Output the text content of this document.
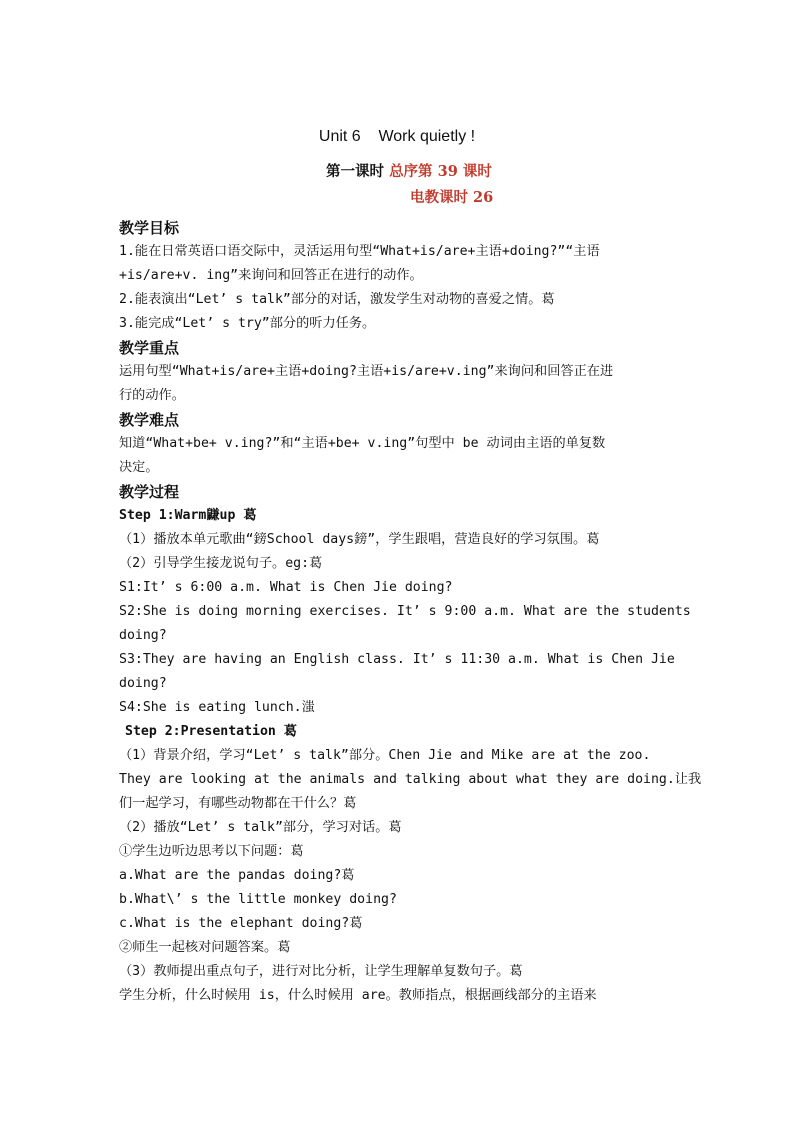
Unit 6    Work quietly !
第一课时 总序第 39 课时
电教课时 26
教学目标
1.能在日常英语口语交际中，灵活运用句型“What+is/are+主语+doing?”“主语
+is/are+v. ing”来询问和回答正在进行的动作。
2.能表演出“Let’ s talk”部分的对话，激发学生对动物的喜爱之情。葛
3.能完成“Let’ s try”部分的听力任务。
教学重点
运用句型“What+is/are+主语+doing?主语+is/are+v.ing”来询问和回答正在进
行的动作。
教学难点
知道“What+be+ v.ing?”和“主语+be+ v.ing”句型中 be 动词由主语的单复数
决定。
教学过程
Step 1:Warm鼸up 葛
（1）播放本单元歌曲“鎊School days鎊”，学生跟唱，营造良好的学习氛围。葛
（2）引导学生接龙说句子。eg:葛
S1:It’ s 6:00 a.m. What is Chen Jie doing?
S2:She is doing morning exercises. It’ s 9:00 a.m. What are the students
doing?
S3:They are having an English class. It’ s 11:30 a.m. What is Chen Jie
doing?
S4:She is eating lunch.滍
Step 2:Presentation 葛
（1）背景介绍，学习“Let’ s talk”部分。Chen Jie and Mike are at the zoo.
They are looking at the animals and talking about what they are doing.让我
们一起学习，有哪些动物都在干什么？葛
（2）播放“Let’ s talk”部分，学习对话。葛
①学生边听边思考以下问题：葛
a.What are the pandas doing?葛
b.What\’ s the little monkey doing?
c.What is the elephant doing?葛
②师生一起核对问题答案。葛
（3）教师提出重点句子，进行对比分析，让学生理解单复数句子。葛
学生分析，什么时候用 is，什么时候用 are。教师指点，根据画线部分的主语来
